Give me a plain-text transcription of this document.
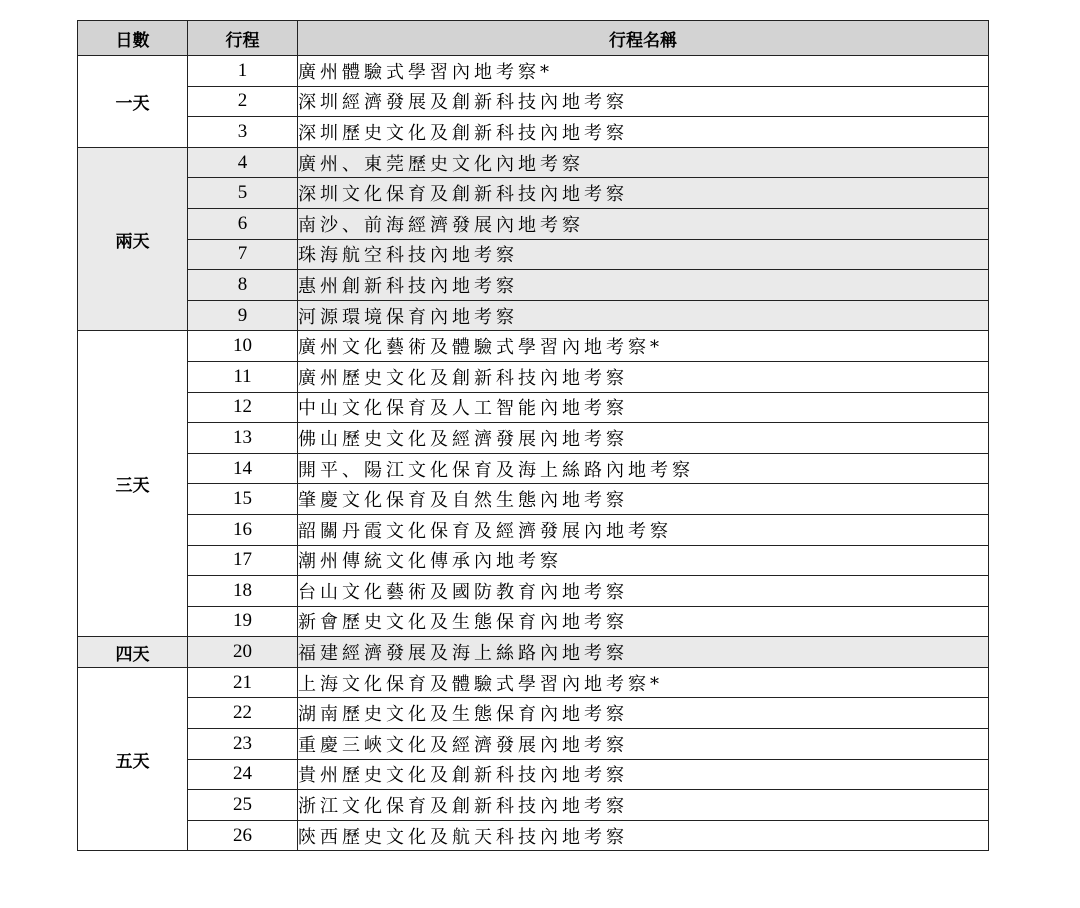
日數	行程	行程名稱
一天	1	廣州體驗式學習內地考察*
	2	深圳經濟發展及創新科技內地考察
	3	深圳歷史文化及創新科技內地考察
兩天	4	廣州、東莞歷史文化內地考察
	5	深圳文化保育及創新科技內地考察
	6	南沙、前海經濟發展內地考察
	7	珠海航空科技內地考察
	8	惠州創新科技內地考察
	9	河源環境保育內地考察
三天	10	廣州文化藝術及體驗式學習內地考察*
	11	廣州歷史文化及創新科技內地考察
	12	中山文化保育及人工智能內地考察
	13	佛山歷史文化及經濟發展內地考察
	14	開平、陽江文化保育及海上絲路內地考察
	15	肇慶文化保育及自然生態內地考察
	16	韶關丹霞文化保育及經濟發展內地考察
	17	潮州傳統文化傳承內地考察
	18	台山文化藝術及國防教育內地考察
	19	新會歷史文化及生態保育內地考察
四天	20	福建經濟發展及海上絲路內地考察
五天	21	上海文化保育及體驗式學習內地考察*
	22	湖南歷史文化及生態保育內地考察
	23	重慶三峽文化及經濟發展內地考察
	24	貴州歷史文化及創新科技內地考察
	25	浙江文化保育及創新科技內地考察
	26	陝西歷史文化及航天科技內地考察
